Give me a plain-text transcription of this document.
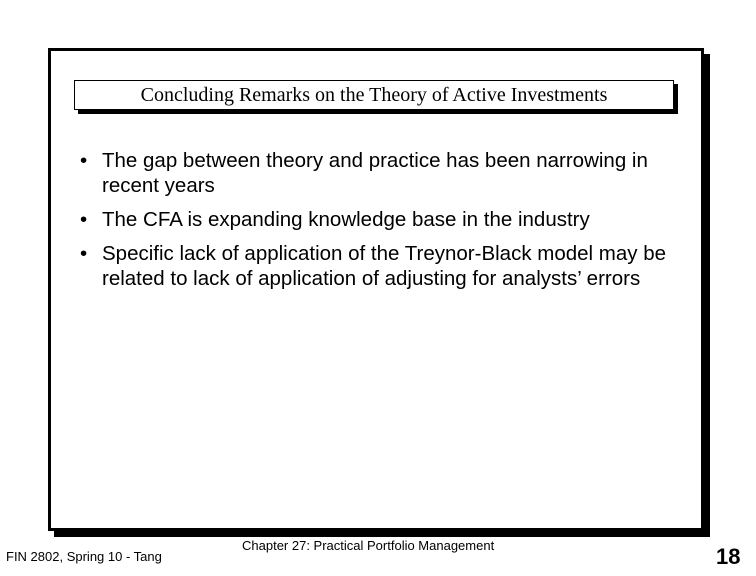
Concluding Remarks on the Theory of Active Investments
• The gap between theory and practice has been narrowing in recent years
• The CFA is expanding knowledge base in the industry
• Specific lack of application of the Treynor-Black model may be related to lack of application of adjusting for analysts’ errors
FIN 2802, Spring 10 - Tang
Chapter 27: Practical Portfolio Management	18
